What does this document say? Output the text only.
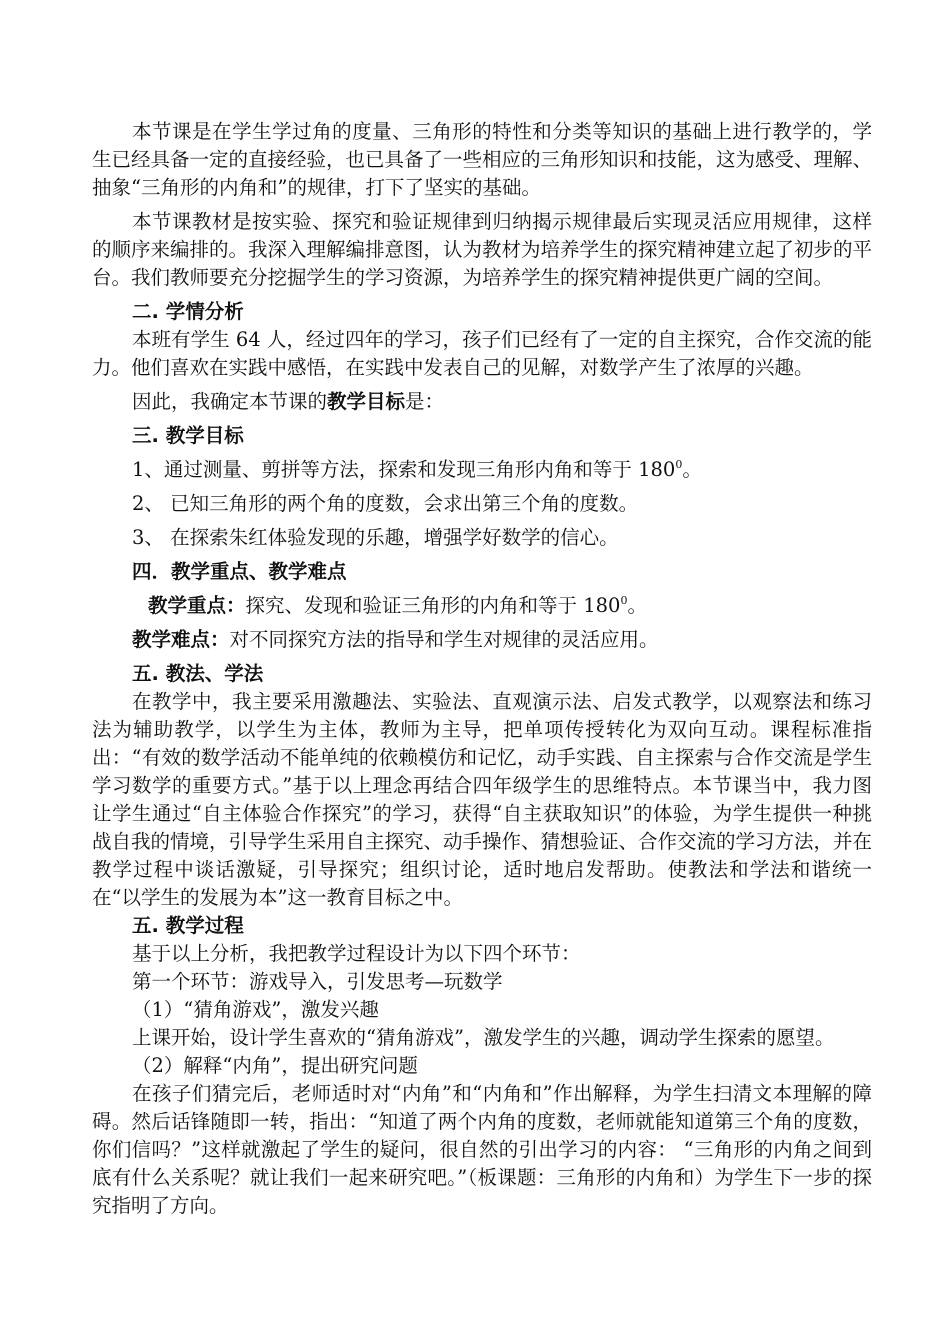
本节课是在学生学过角的度量、三角形的特性和分类等知识的基础上进行教学的，学生已经具备一定的直接经验，也已具备了一些相应的三角形知识和技能，这为感受、理解、抽象“三角形的内角和”的规律，打下了坚实的基础。

本节课教材是按实验、探究和验证规律到归纳揭示规律最后实现灵活应用规律，这样的顺序来编排的。我深入理解编排意图，认为教材为培养学生的探究精神建立起了初步的平台。我们教师要充分挖掘学生的学习资源，为培养学生的探究精神提供更广阔的空间。

二. 学情分析

本班有学生 64 人，经过四年的学习，孩子们已经有了一定的自主探究，合作交流的能力。他们喜欢在实践中感悟，在实践中发表自己的见解，对数学产生了浓厚的兴趣。

因此，我确定本节课的教学目标是：

三. 教学目标

1、通过测量、剪拼等方法，探索和发现三角形内角和等于 $180^0$。

2、 已知三角形的两个角的度数，会求出第三个角的度数。

3、 在探索朱红体验发现的乐趣，增强学好数学的信心。

四．教学重点、教学难点

教学重点：探究、发现和验证三角形的内角和等于 $180^0$。

教学难点：对不同探究方法的指导和学生对规律的灵活应用。

五. 教法、学法

在教学中，我主要采用激趣法、实验法、直观演示法、启发式教学，以观察法和练习法为辅助教学，以学生为主体，教师为主导，把单项传授转化为双向互动。课程标准指出：“有效的数学活动不能单纯的依赖模仿和记忆，动手实践、自主探索与合作交流是学生学习数学的重要方式。”基于以上理念再结合四年级学生的思维特点。本节课当中，我力图让学生通过“自主体验合作探究”的学习，获得“自主获取知识”的体验，为学生提供一种挑战自我的情境，引导学生采用自主探究、动手操作、猜想验证、合作交流的学习方法，并在教学过程中谈话激疑，引导探究；组织讨论，适时地启发帮助。使教法和学法和谐统一在“以学生的发展为本”这一教育目标之中。

五. 教学过程

基于以上分析，我把教学过程设计为以下四个环节：

第一个环节：游戏导入，引发思考—玩数学

（1）“猜角游戏”，激发兴趣

上课开始，设计学生喜欢的“猜角游戏”，激发学生的兴趣，调动学生探索的愿望。

（2）解释“内角”，提出研究问题

在孩子们猜完后，老师适时对“内角”和“内角和”作出解释，为学生扫清文本理解的障碍。然后话锋随即一转，指出：“知道了两个内角的度数，老师就能知道第三个角的度数，你们信吗？”这样就激起了学生的疑问，很自然的引出学习的内容： “三角形的内角之间到底有什么关系呢？就让我们一起来研究吧。”（板课题：三角形的内角和）为学生下一步的探究指明了方向。
